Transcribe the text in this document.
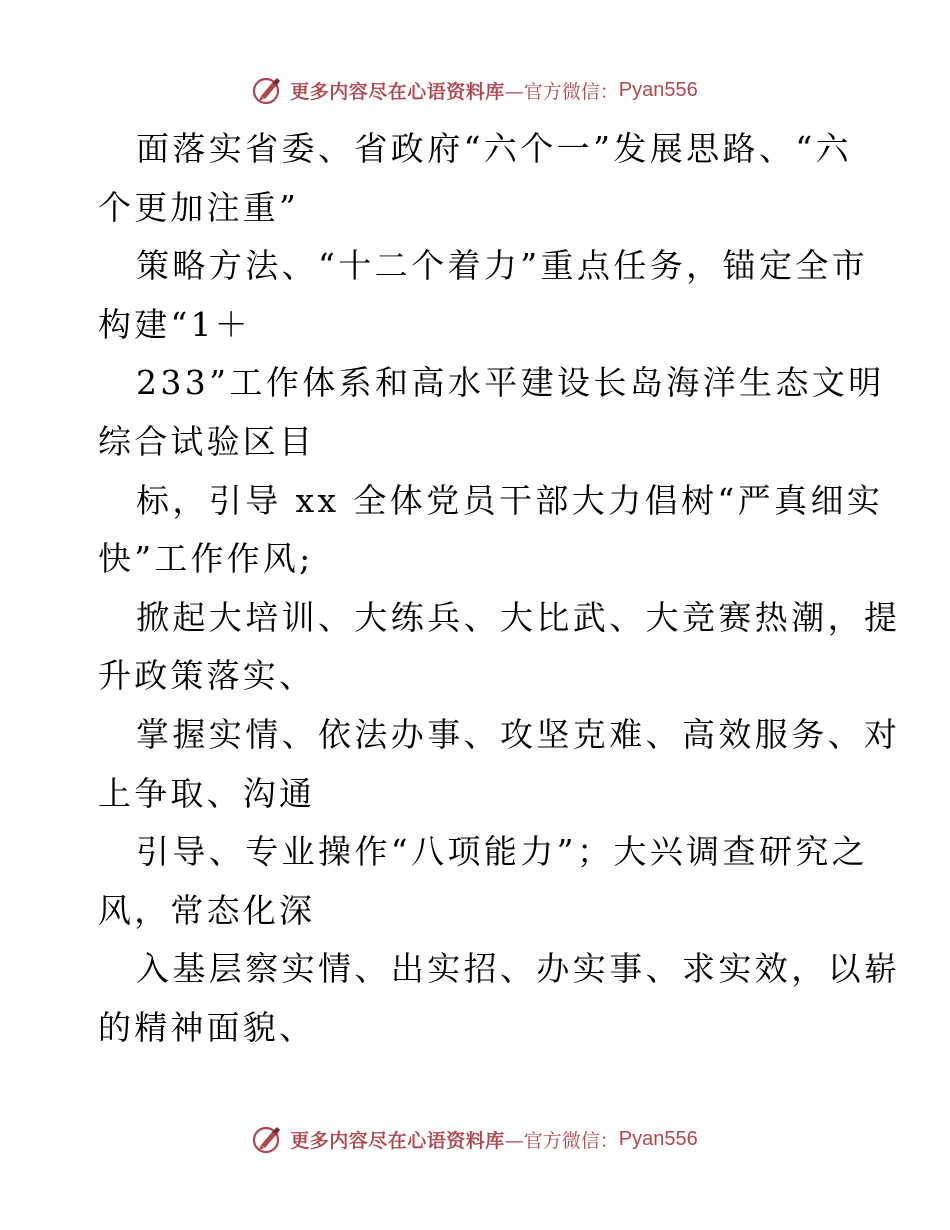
更多内容尽在心语资料库 —官方微信： Pyan556
面落实省委、省政府“六个一”发展思路、“六
个更加注重”
策略方法、“十二个着力”重点任务，锚定全市
构建“1＋
233”工作体系和高水平建设长岛海洋生态文明
综合试验区目
标，引导 xx 全体党员干部大力倡树“严真细实
快”工作作风;
掀起大培训、大练兵、大比武、大竞赛热潮，提
升政策落实、
掌握实情、依法办事、攻坚克难、高效服务、对
上争取、沟通
引导、专业操作“八项能力”；大兴调查研究之
风，常态化深
入基层察实情、出实招、办实事、求实效，以崭
的精神面貌、
更多内容尽在心语资料库 —官方微信： Pyan556
